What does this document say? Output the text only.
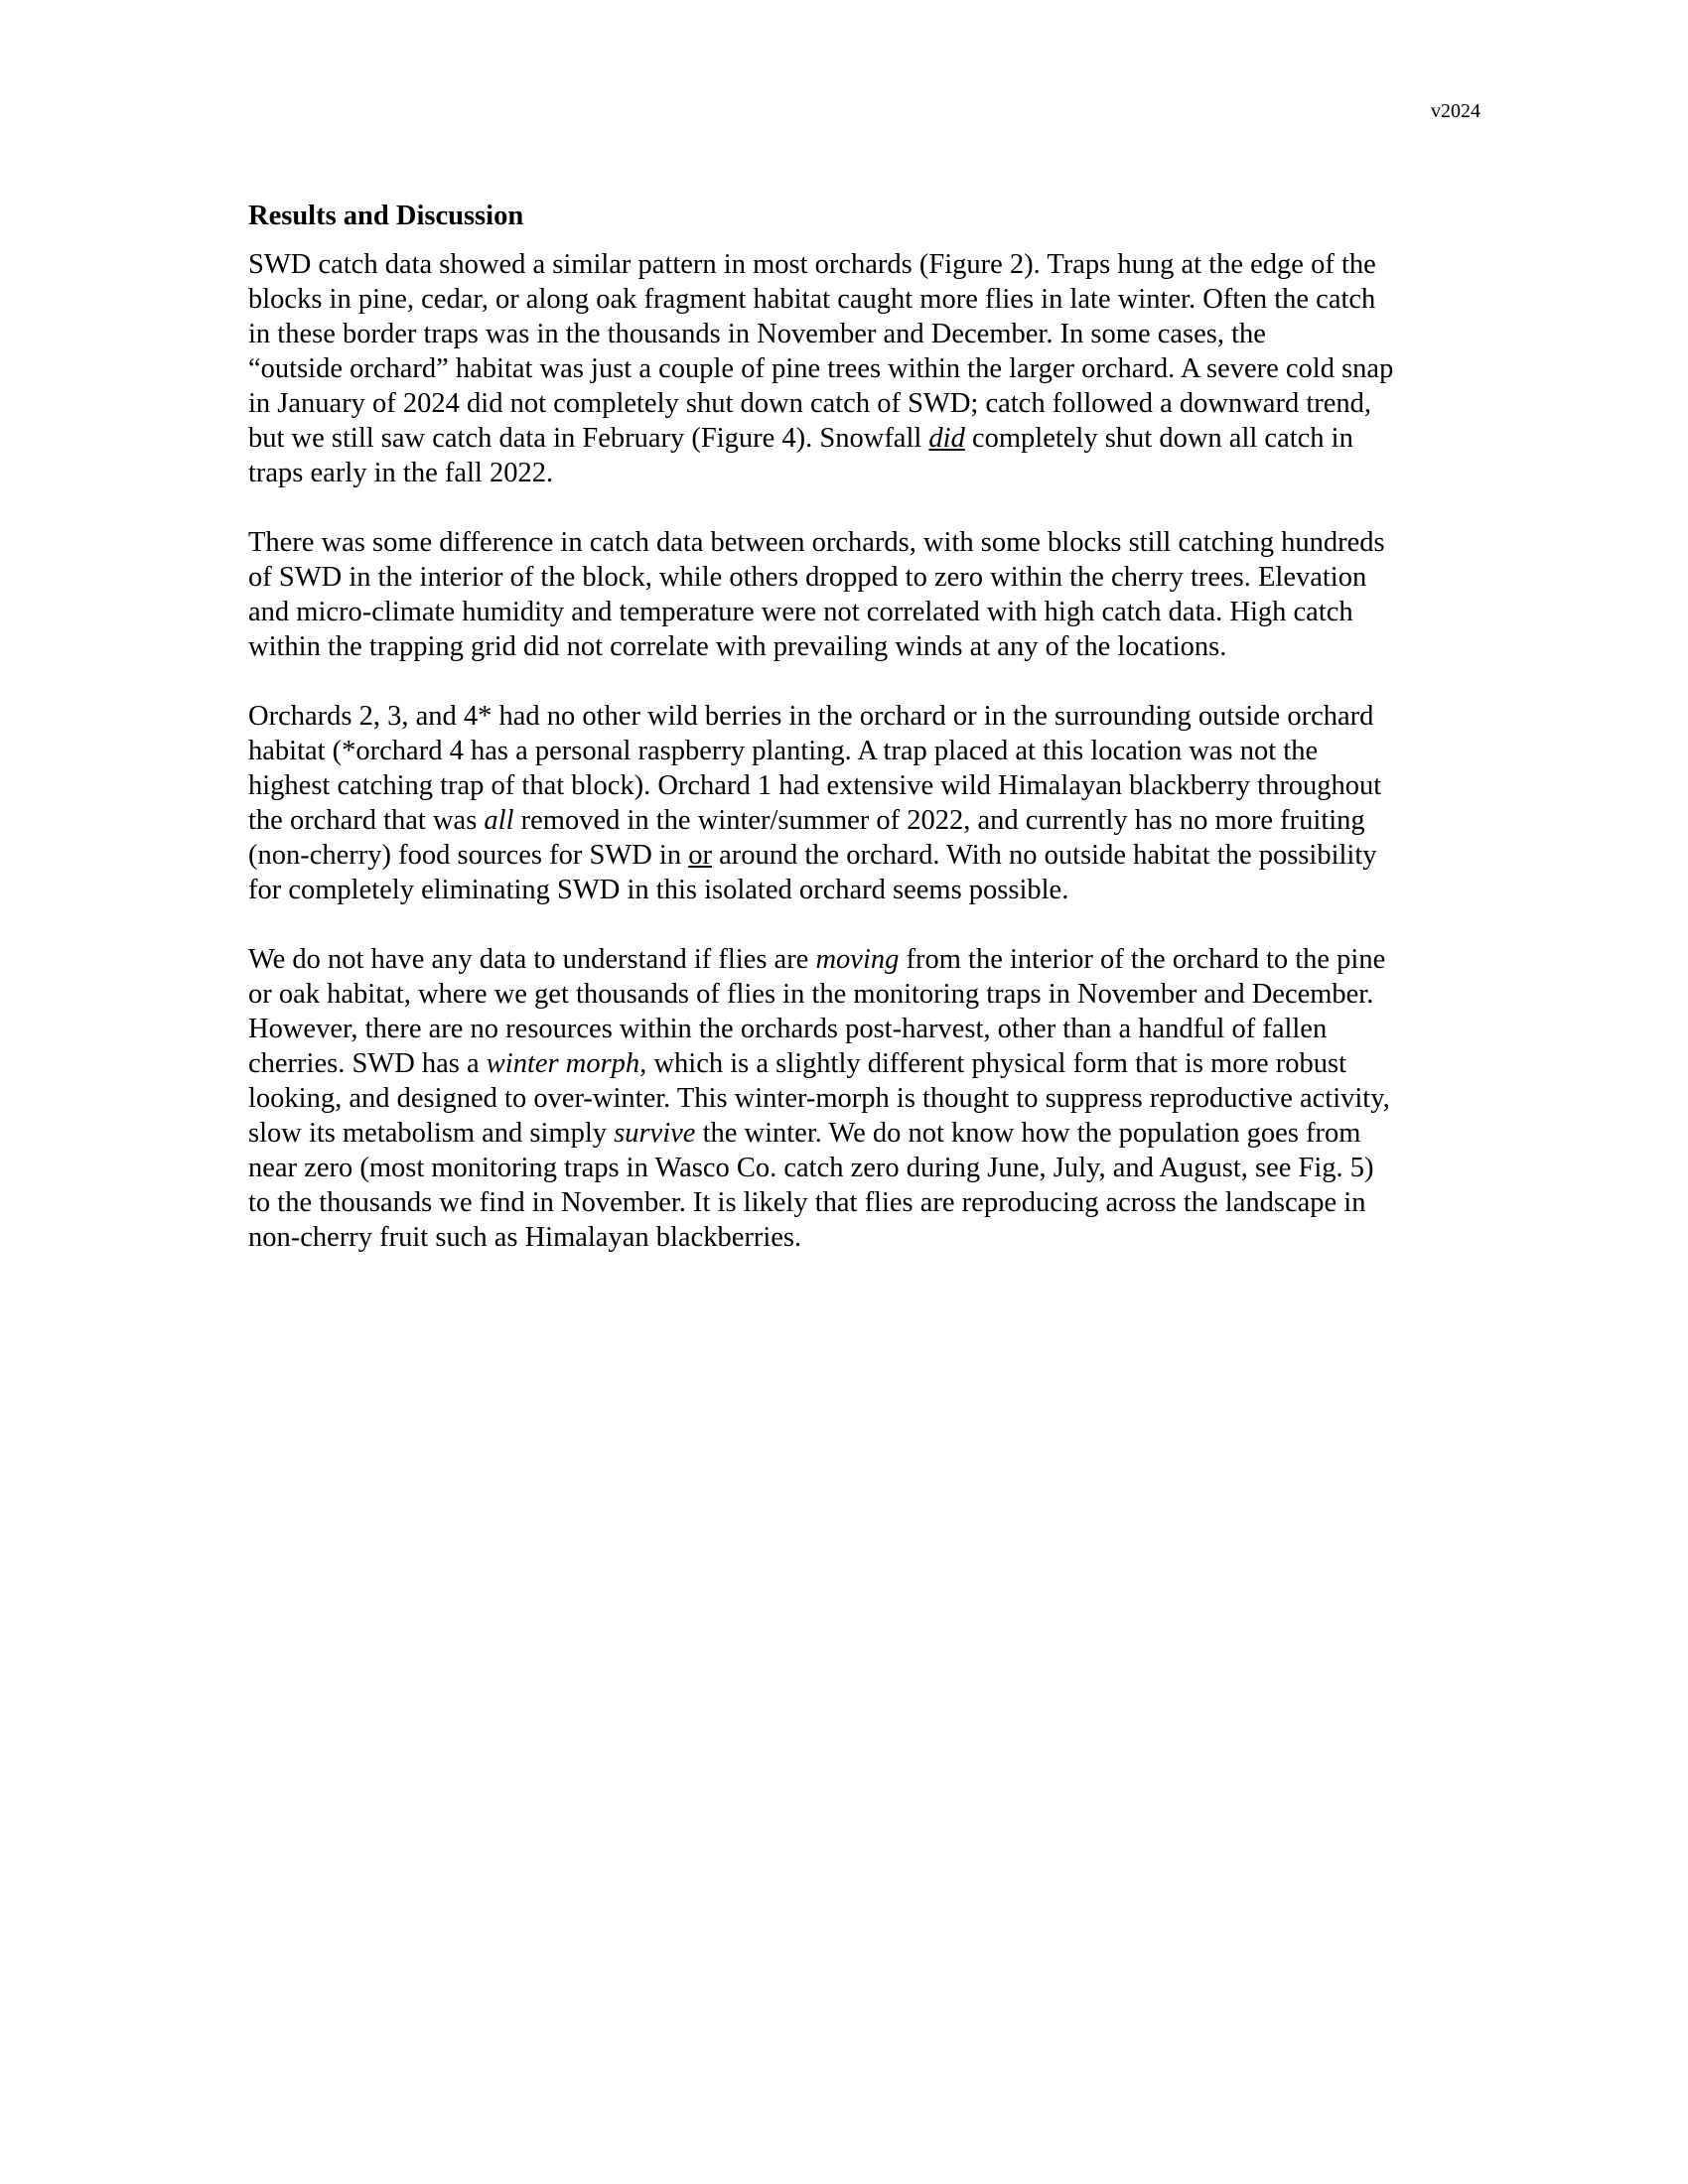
v2024
Results and Discussion
SWD catch data showed a similar pattern in most orchards (Figure 2). Traps hung at the edge of the
blocks in pine, cedar, or along oak fragment habitat caught more flies in late winter. Often the catch
in these border traps was in the thousands in November and December. In some cases, the
“outside orchard” habitat was just a couple of pine trees within the larger orchard. A severe cold snap
in January of 2024 did not completely shut down catch of SWD; catch followed a downward trend,
but we still saw catch data in February (Figure 4). Snowfall did completely shut down all catch in
traps early in the fall 2022.
There was some difference in catch data between orchards, with some blocks still catching hundreds
of SWD in the interior of the block, while others dropped to zero within the cherry trees. Elevation
and micro-climate humidity and temperature were not correlated with high catch data. High catch
within the trapping grid did not correlate with prevailing winds at any of the locations.
Orchards 2, 3, and 4* had no other wild berries in the orchard or in the surrounding outside orchard
habitat (*orchard 4 has a personal raspberry planting. A trap placed at this location was not the
highest catching trap of that block). Orchard 1 had extensive wild Himalayan blackberry throughout
the orchard that was all removed in the winter/summer of 2022, and currently has no more fruiting
(non-cherry) food sources for SWD in or around the orchard. With no outside habitat the possibility
for completely eliminating SWD in this isolated orchard seems possible.
We do not have any data to understand if flies are moving from the interior of the orchard to the pine
or oak habitat, where we get thousands of flies in the monitoring traps in November and December.
However, there are no resources within the orchards post-harvest, other than a handful of fallen
cherries. SWD has a winter morph, which is a slightly different physical form that is more robust
looking, and designed to over-winter. This winter-morph is thought to suppress reproductive activity,
slow its metabolism and simply survive the winter. We do not know how the population goes from
near zero (most monitoring traps in Wasco Co. catch zero during June, July, and August, see Fig. 5)
to the thousands we find in November. It is likely that flies are reproducing across the landscape in
non-cherry fruit such as Himalayan blackberries.
